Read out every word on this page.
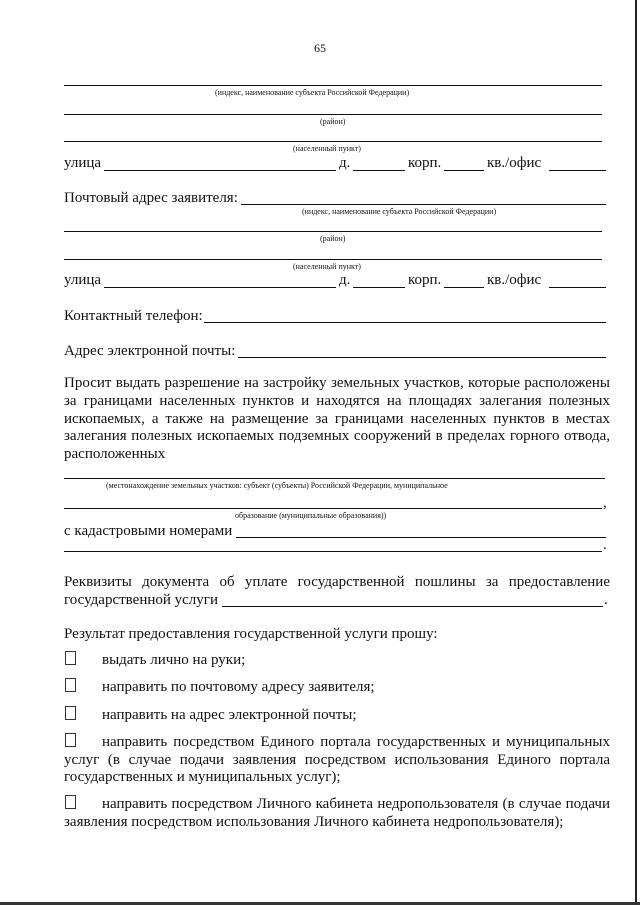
65
(индекс, наименование субъекта Российской Федерации)
(район)
(населенный пункт)
улица	д.	корп.	кв./офис
Почтовый адрес заявителя:
(индекс, наименование субъекта Российской Федерации)
(район)
(населенный пункт)
улица	д.	корп.	кв./офис
Контактный телефон:
Адрес электронной почты:
Просит выдать разрешение на застройку земельных участков, которые расположены
за границами населенных пунктов и находятся на площадях залегания полезных
ископаемых, а также на размещение за границами населенных пунктов в местах
залегания полезных ископаемых подземных сооружений в пределах горного отвода,
расположенных
(местонахождение земельных участков: субъект (субъекты) Российской Федерации, муниципальное
,
образование (муниципальные образования))
с кадастровыми номерами
.
Реквизиты документа об уплате государственной пошлины за предоставление
государственной услуги	.
Результат предоставления государственной услуги прошу:
выдать лично на руки;
направить по почтовому адресу заявителя;
направить на адрес электронной почты;
направить посредством Единого портала государственных и муниципальных
услуг (в случае подачи заявления посредством использования Единого портала
государственных и муниципальных услуг);
направить посредством Личного кабинета недропользователя (в случае подачи
заявления посредством использования Личного кабинета недропользователя);
